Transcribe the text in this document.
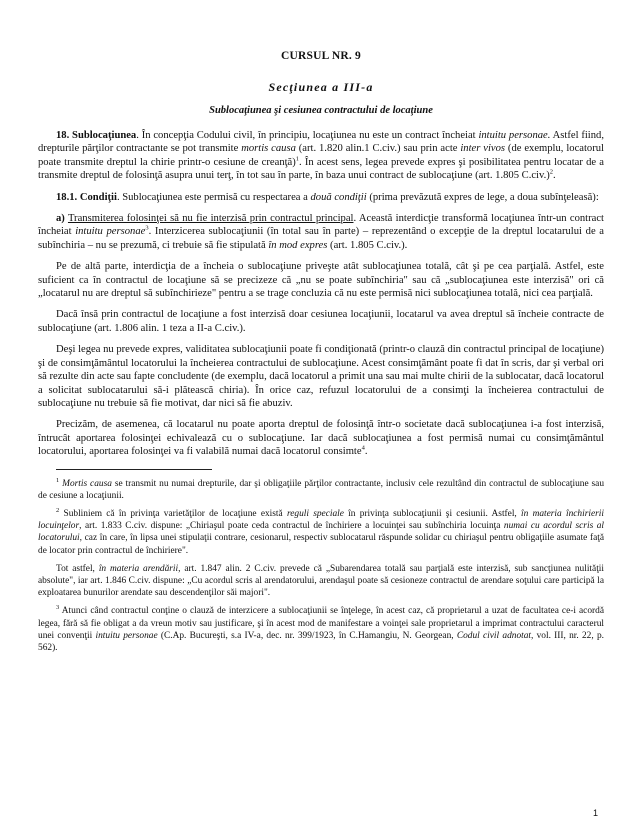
CURSUL NR. 9
Secţiunea a III-a
Sublocaţiunea şi cesiunea contractului de locaţiune

18. Sublocaţiunea. În concepţia Codului civil, în principiu, locaţiunea nu este un contract încheiat intuitu personae. Astfel fiind, drepturile părţilor contractante se pot transmite mortis causa (art. 1.820 alin.1 C.civ.) sau prin acte inter vivos (de exemplu, locatorul poate transmite dreptul la chirie printr-o cesiune de creanţă)$^1$. În acest sens, legea prevede expres şi posibilitatea pentru locatar de a transmite dreptul de folosinţă asupra unui terţ, în tot sau în parte, în baza unui contract de sublocaţiune (art. 1.805 C.civ.)$^2$.

18.1. Condiţii. Sublocaţiunea este permisă cu respectarea a două condiţii (prima prevăzută expres de lege, a doua subînţeleasă):

a) Transmiterea folosinţei să nu fie interzisă prin contractul principal. Această interdicţie transformă locaţiunea într-un contract încheiat intuitu personae$^3$. Interzicerea sublocaţiunii (în total sau în parte) – reprezentând o excepţie de la dreptul locatarului de a subînchiria – nu se prezumă, ci trebuie să fie stipulată în mod expres (art. 1.805 C.civ.).

Pe de altă parte, interdicţia de a încheia o sublocaţiune priveşte atât sublocaţiunea totală, cât şi pe cea parţială. Astfel, este suficient ca în contractul de locaţiune să se precizeze că „nu se poate subînchiria" sau că „sublocaţiunea este interzisă" ori că „locatarul nu are dreptul să subînchirieze" pentru a se trage concluzia că nu este permisă nici sublocaţiunea totală, nici cea parţială.

Dacă însă prin contractul de locaţiune a fost interzisă doar cesiunea locaţiunii, locatarul va avea dreptul să încheie contracte de sublocaţiune (art. 1.806 alin. 1 teza a II-a C.civ.).

Deşi legea nu prevede expres, validitatea sublocaţiunii poate fi condiţionată (printr-o clauză din contractul principal de locaţiune) şi de consimţământul locatorului la încheierea contractului de sublocaţiune. Acest consimţământ poate fi dat în scris, dar şi verbal ori să rezulte din acte sau fapte concludente (de exemplu, dacă locatorul a primit una sau mai multe chirii de la sublocatar, dacă locatorul a solicitat sublocatarului să-i plătească chiria). În orice caz, refuzul locatorului de a consimţi la încheierea contractului de sublocaţiune nu trebuie să fie motivat, dar nici să fie abuziv.

Precizăm, de asemenea, că locatarul nu poate aporta dreptul de folosinţă într-o societate dacă sublocaţiunea i-a fost interzisă, întrucât aportarea folosinţei echivalează cu o sublocaţiune. Iar dacă sublocaţiunea a fost permisă numai cu consimţământul locatorului, aportarea folosinţei va fi valabilă numai dacă locatorul consimte$^4$.

$^1$ Mortis causa se transmit nu numai drepturile, dar şi obligaţiile părţilor contractante, inclusiv cele rezultând din contractul de sublocaţiune sau de cesiune a locaţiunii.

$^2$ Subliniem că în privinţa varietăţilor de locaţiune există reguli speciale în privinţa sublocaţiunii şi cesiunii. Astfel, în materia închirierii locuinţelor, art. 1.833 C.civ. dispune: „Chiriaşul poate ceda contractul de închiriere a locuinţei sau subînchiria locuinţa numai cu acordul scris al locatorului, caz în care, în lipsa unei stipulaţii contrare, cesionarul, respectiv sublocatarul răspunde solidar cu chiriaşul pentru obligaţiile asumate faţă de locator prin contractul de închiriere".

Tot astfel, în materia arendării, art. 1.847 alin. 2 C.civ. prevede că „Subarendarea totală sau parţială este interzisă, sub sancţiunea nulităţii absolute", iar art. 1.846 C.civ. dispune: „Cu acordul scris al arendatorului, arendaşul poate să cesioneze contractul de arendare soţului care participă la exploatarea bunurilor arendate sau descendenţilor săi majori".

$^3$ Atunci când contractul conţine o clauză de interzicere a sublocaţiunii se înţelege, în acest caz, că proprietarul a uzat de facultatea ce-i acordă legea, fără să fie obligat a da vreun motiv sau justificare, şi în acest mod de manifestare a voinţei sale proprietarul a imprimat contractului caracterul unei convenţii intuitu personae (C.Ap. Bucureşti, s.a IV-a, dec. nr. 399/1923, în C.Hamangiu, N. Georgean, Codul civil adnotat, vol. III, nr. 22, p. 562).

1
